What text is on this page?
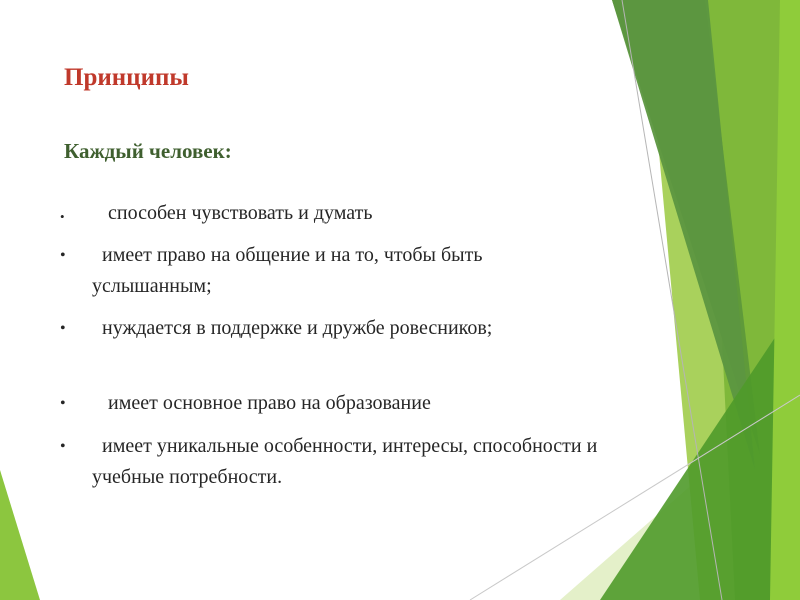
Принципы
Каждый человек:
• способен чувствовать и думать
• имеет право на общение и на то, чтобы быть услышанным;
• нуждается в поддержке и дружбе ровесников;
• имеет основное право на образование
• имеет уникальные особенности, интересы, способности и учебные потребности.
